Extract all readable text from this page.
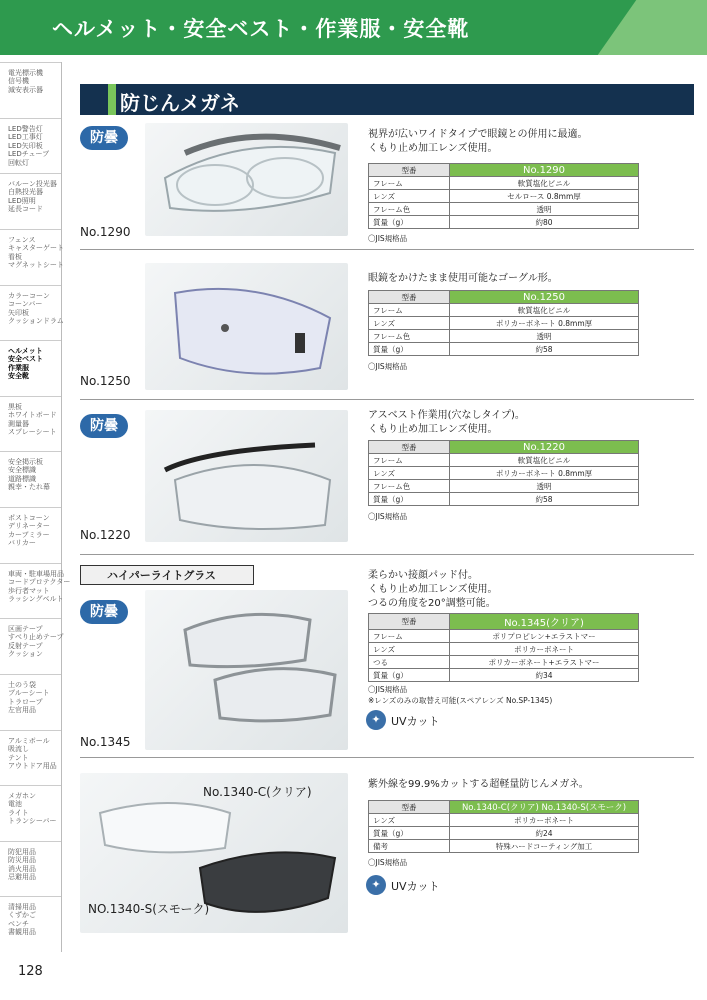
ヘルメット・安全ベスト・作業服・安全靴
電光標示機
信号機
減安表示器
LED警告灯
LED工事灯
LED矢印板
LEDチューブ
回転灯
バルーン投光器
白熱投光器
LED照明
延長コード
フェンス
キャスターゲート
看板
マグネットシート
カラーコーン
コーンバー
矢印板
クッションドラム
ヘルメット
安全ベスト
作業服
安全靴
黒板
ホワイトボード
測量器
スプレーシート
安全掲示板
安全標識
道路標識
親幸・たれ幕
ポストコーン
デリネーター
カーブミラー
バリカー
車両・駐車場用品
コードプロテクター
歩行者マット
ラッシングベルト
区画テープ
すべり止めテープ
反射テープ
クッション
土のう袋
ブルーシート
トラロープ
左官用品
アルミボール
吸流し
テント
アウトドア用品
メガホン
電池
ライト
トランシーバー
防犯用品
防災用品
消火用品
忌避用品
清掃用品
くずかご
ベンチ
書観用品
128
防じんメガネ
防曇
No.1290
視界が広いワイドタイプで眼鏡との併用に最適。
くもり止め加工レンズ使用。
型番	No.1290
フレーム	軟質塩化ビニル
レンズ	セルロース 0.8mm厚
フレーム色	透明
質量（g）	約80
〇JIS規格品
No.1250
眼鏡をかけたまま使用可能なゴーグル形。
型番	No.1250
フレーム	軟質塩化ビニル
レンズ	ポリカーボネート 0.8mm厚
フレーム色	透明
質量（g）	約58
〇JIS規格品
防曇
No.1220
アスベスト作業用(穴なしタイプ)。
くもり止め加工レンズ使用。
型番	No.1220
フレーム	軟質塩化ビニル
レンズ	ポリカーボネート 0.8mm厚
フレーム色	透明
質量（g）	約58
〇JIS規格品
ハイパーライトグラス
防曇
No.1345
柔らかい接顔パッド付。
くもり止め加工レンズ使用。
つるの角度を20°調整可能。
型番	No.1345(クリア)
フレーム	ポリプロピレン+エラストマー
レンズ	ポリカーボネート
つる	ポリカーボネート+エラストマー
質量（g）	約34
〇JIS規格品
※レンズのみの取替え可能(スペアレンズ No.SP-1345)
✦ UVカット
No.1340-C(クリア)
NO.1340-S(スモーク)
紫外線を99.9%カットする超軽量防じんメガネ。
型番	No.1340-C(クリア) No.1340-S(スモーク)
レンズ	ポリカーボネート
質量（g）	約24
備考	特殊ハードコーティング加工
〇JIS規格品
✦ UVカット
